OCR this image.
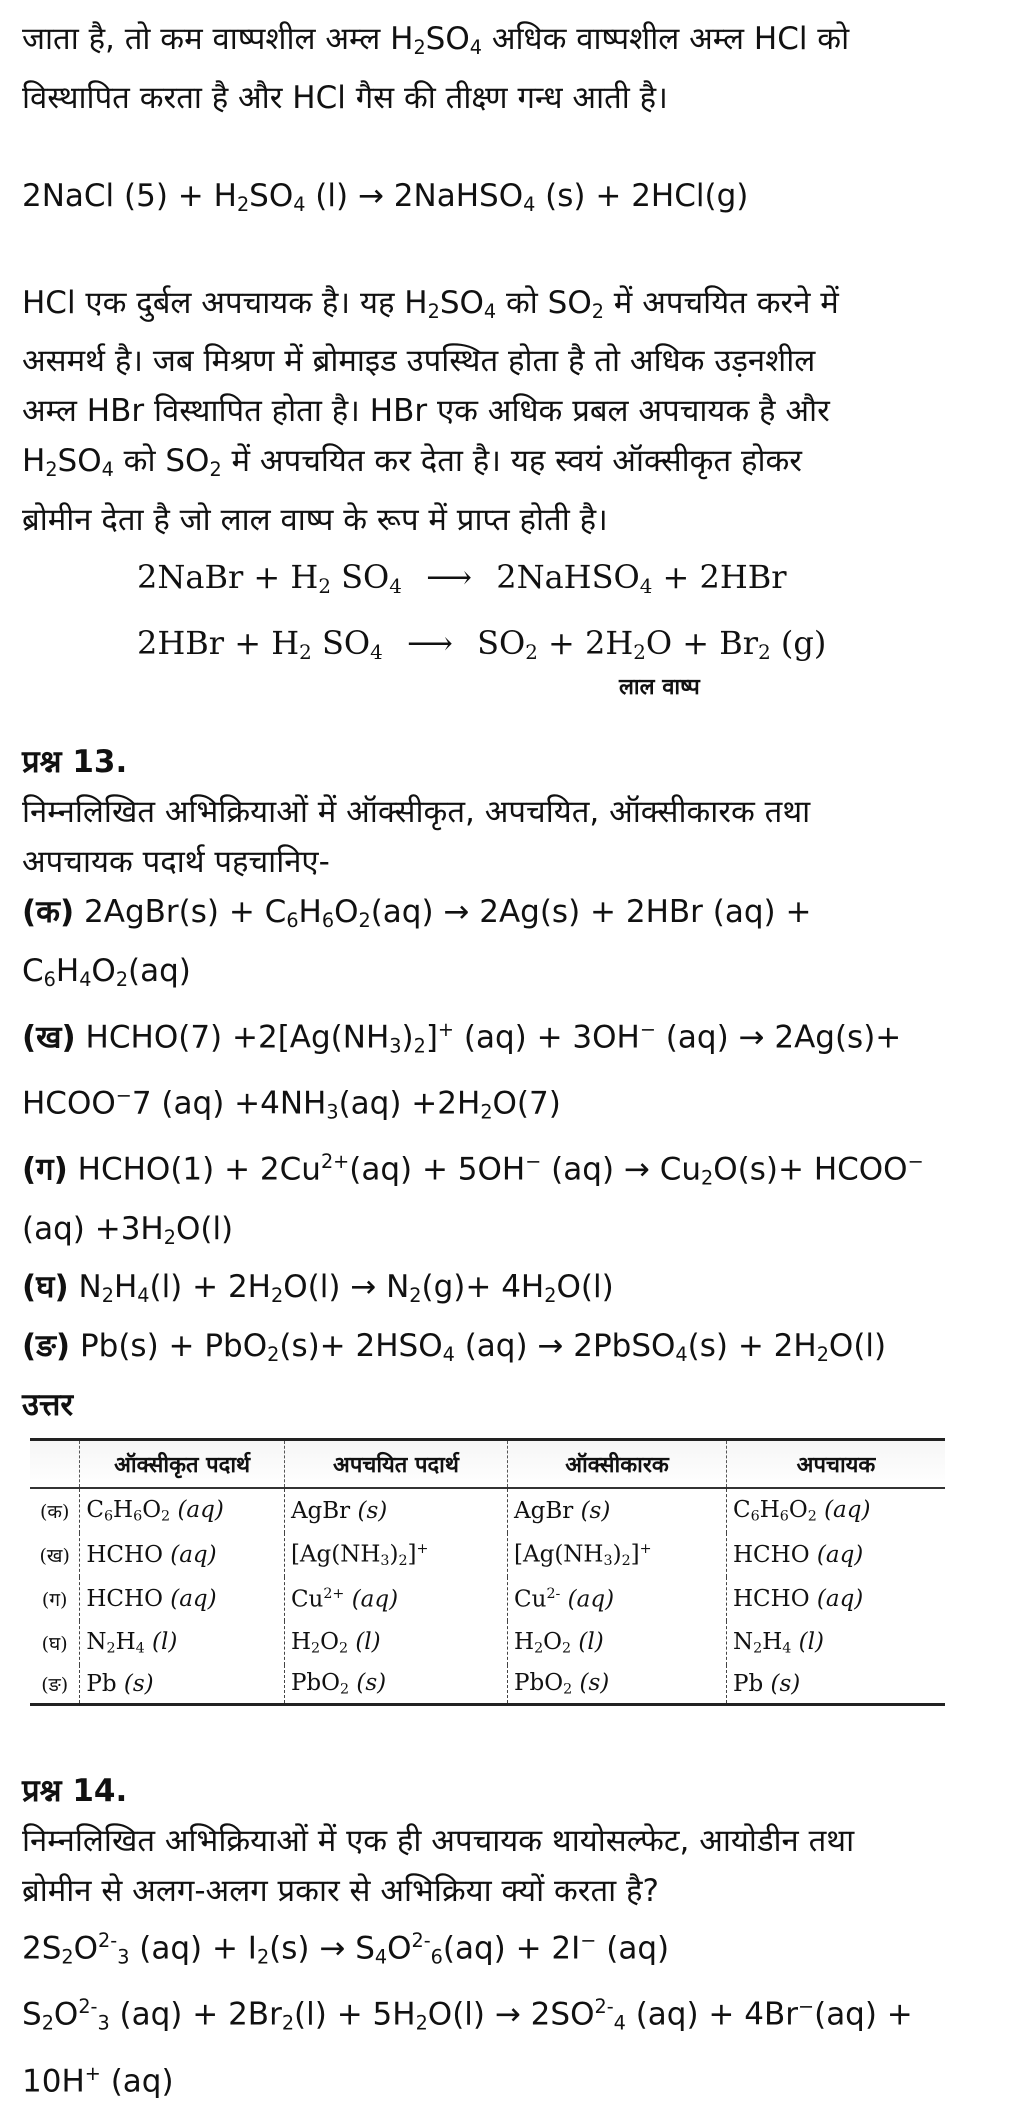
जाता है, तो कम वाष्पशील अम्ल $H_2SO_4$ अधिक वाष्पशील अम्ल HCl को

विस्थापित करता है और HCl गैस की तीक्ष्ण गन्ध आती है।

2NaCl $(5) + H_2SO_4$ (l) → 2NaHSO$_4$ (s) + 2HCl(g)

HCl एक दुर्बल अपचायक है। यह $H_2SO_4$ को $SO_2$ में अपचयित करने में

असमर्थ है। जब मिश्रण में ब्रोमाइड उपस्थित होता है तो अधिक उड़नशील

अम्ल HBr विस्थापित होता है। HBr एक अधिक प्रबल अपचायक है और

$H_2SO_4$ को $SO_2$ में अपचयित कर देता है। यह स्वयं ऑक्सीकृत होकर

ब्रोमीन देता है जो लाल वाष्प के रूप में प्राप्त होती है।

2NaBr + $H_2$ $SO_4$ ⟶ 2NaHSO$_4$ + 2HBr
$2HBr + H_2$ $SO_4$ ⟶ $SO_2 + 2H_2O + Br_2$ (g)
लाल वाष्प

प्रश्न 13.

निम्नलिखित अभिक्रियाओं में ऑक्सीकृत, अपचयित, ऑक्सीकारक तथा

अपचायक पदार्थ पहचानिए-

(क) 2AgBr(s) + $C_6H_6O_2(aq) \to 2Ag(s) + 2HBr$ (aq) +

$C_6H_4O_2(aq)$

(ख) HCHO(7) $+2[Ag(NH_3)_2]^+$ (aq) + 3OH− (aq) → 2Ag(s)+

HCOO−7 $(aq) +4NH_3(aq) +2H_2O(7)$

(ग) HCHO(1) + $2Cu^{2+}(aq) + 5OH^-$ $(aq) \to Cu_2O(s)+$ HCOO−

$(aq) +3H_2O(l)$

(घ) $N_2H_4(l) + 2H_2O(l) \to N_2(g)+ 4H_2O(l)$

(ङ) $Pb(s) + PbO_2(s)+ 2HSO_4$ (aq) → 2PbSO$_4$(s) + $2H_2O(l)$

उत्तर

	ऑक्सीकृत पदार्थ	अपचयित पदार्थ	ऑक्सीकारक	अपचायक
(क)	$C_6H_6O_2$ (aq)	AgBr (s)	AgBr (s)	$C_6H_6O_2$ (aq)
(ख)	HCHO (aq)	$[Ag(NH_3)_2]^+$	$[Ag(NH_3)_2]^+$	HCHO (aq)
(ग)	HCHO (aq)	$Cu^{2+}$ (aq)	$Cu^{2-}$ (aq)	HCHO (aq)
(घ)	$N_2H_4$ (l)	$H_2O_2$ (l)	$H_2O_2$ (l)	$N_2H_4$ (l)
(ङ)	Pb (s)	PbO$_2$ (s)	PbO$_2$ (s)	Pb (s)

प्रश्न 14.

निम्नलिखित अभिक्रियाओं में एक ही अपचायक थायोसल्फेट, आयोडीन तथा

ब्रोमीन से अलग-अलग प्रकार से अभिक्रिया क्यों करता है?

$2S_2O^{2-}_3$ $(aq) + I_2(s) \to S_4O^{2-}_6(aq) + 2I^-$ (aq)

$S_2O^{2-}_3$ $(aq) + 2Br_2(l) + 5H_2O(l) \to 2SO^{2-}_4$ (aq) + 4Br−(aq) +

10H+ (aq)
